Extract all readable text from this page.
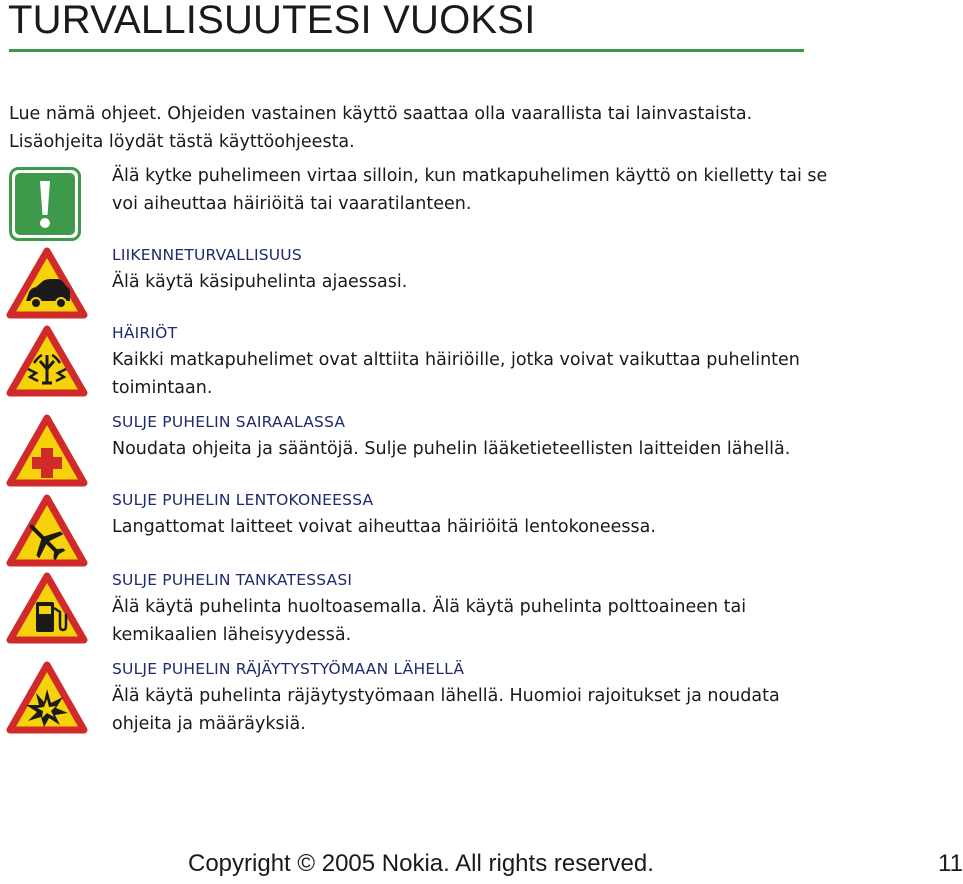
TURVALLISUUTESI VUOKSI
Lue nämä ohjeet. Ohjeiden vastainen käyttö saattaa olla vaarallista tai lainvastaista.
Lisäohjeita löydät tästä käyttöohjeesta.
Älä kytke puhelimeen virtaa silloin, kun matkapuhelimen käyttö on kielletty tai se voi aiheuttaa häiriöitä tai vaaratilanteen.
LIIKENNETURVALLISUUS
Älä käytä käsipuhelinta ajaessasi.
HÄIRIÖT
Kaikki matkapuhelimet ovat alttiita häiriöille, jotka voivat vaikuttaa puhelinten toimintaan.
SULJE PUHELIN SAIRAALASSA
Noudata ohjeita ja sääntöjä. Sulje puhelin lääketieteellisten laitteiden lähellä.
SULJE PUHELIN LENTOKONEESSA
Langattomat laitteet voivat aiheuttaa häiriöitä lentokoneessa.
SULJE PUHELIN TANKATESSASI
Älä käytä puhelinta huoltoasemalla. Älä käytä puhelinta polttoaineen tai kemikaalien läheisyydessä.
SULJE PUHELIN RÄJÄYTYSTYÖMAAN LÄHELLÄ
Älä käytä puhelinta räjäytystyömaan lähellä. Huomioi rajoitukset ja noudata ohjeita ja määräyksiä.
Copyright © 2005 Nokia. All rights reserved.	11
